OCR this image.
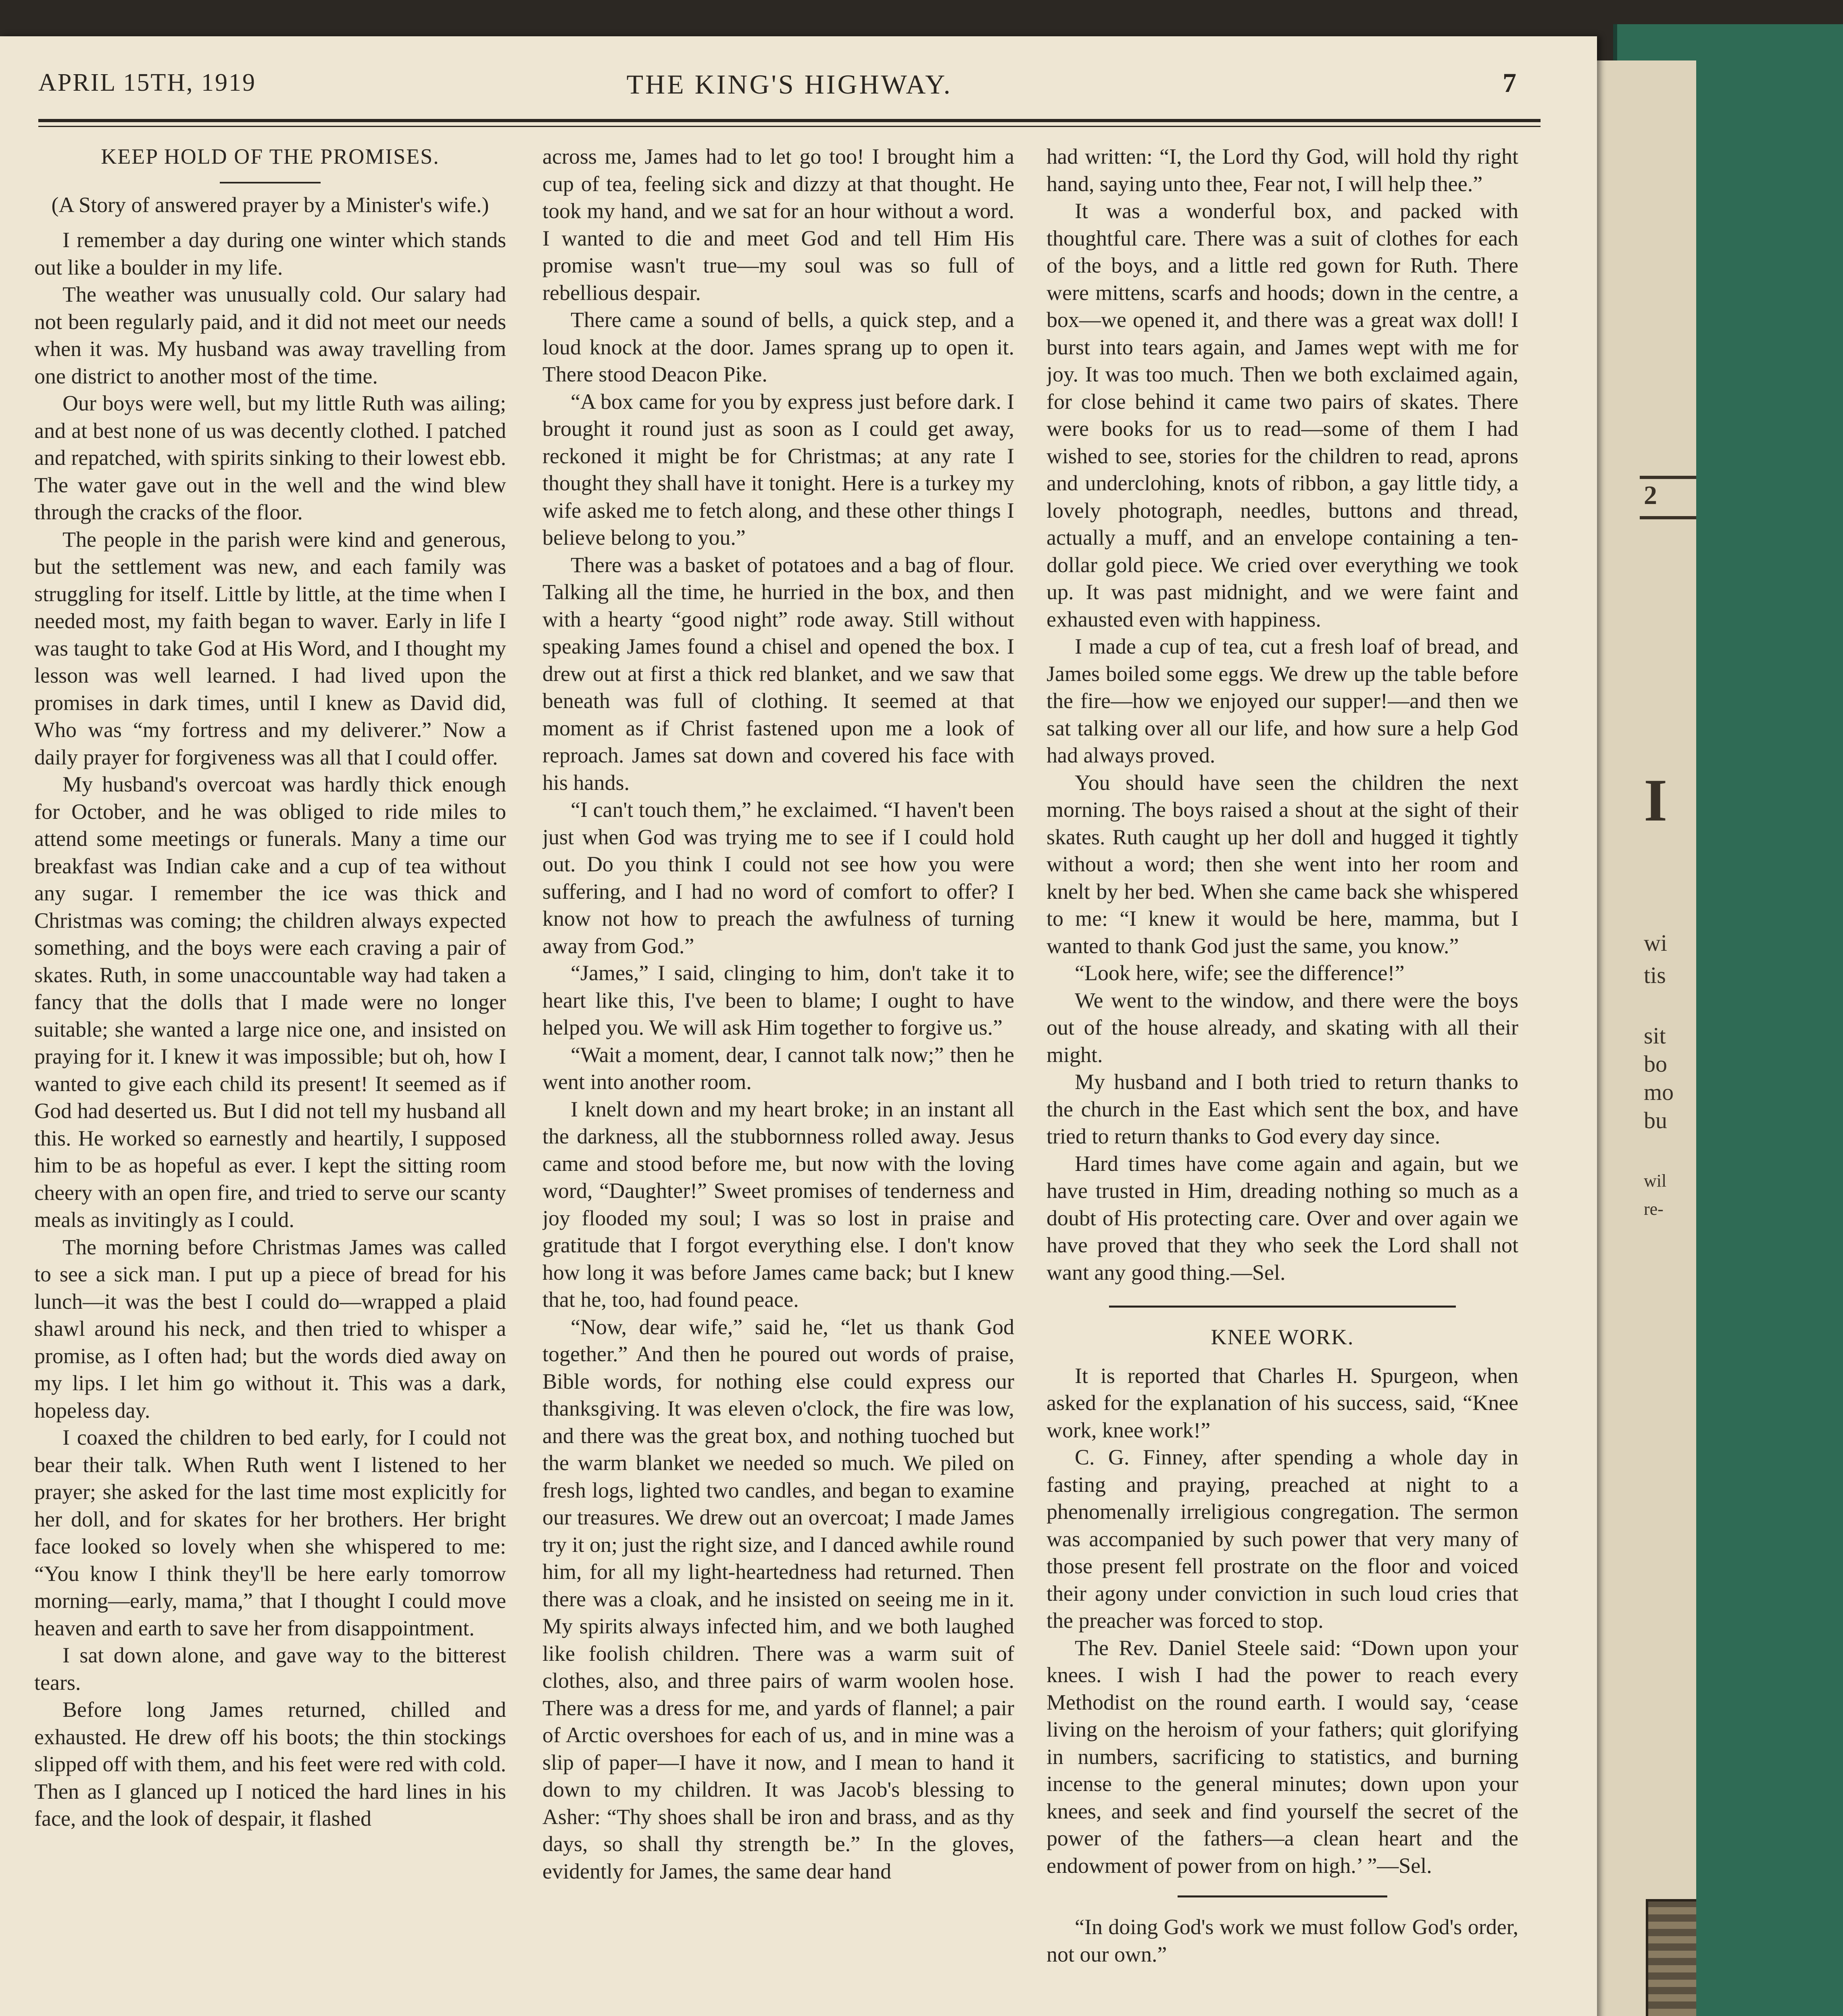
2
I
wi
tis
sit
bo
mo
bu
wil
re-
APRIL 15TH, 1919	THE KING'S HIGHWAY.	7
KEEP HOLD OF THE PROMISES.

(A Story of answered prayer by a Minister's wife.)

I remember a day during one winter which stands out like a boulder in my life.

The weather was unusually cold. Our salary had not been regularly paid, and it did not meet our needs when it was. My husband was away travelling from one district to another most of the time.

Our boys were well, but my little Ruth was ailing; and at best none of us was decently clothed. I patched and repatched, with spirits sinking to their lowest ebb. The water gave out in the well and the wind blew through the cracks of the floor.

The people in the parish were kind and generous, but the settlement was new, and each family was struggling for itself. Little by little, at the time when I needed most, my faith began to waver. Early in life I was taught to take God at His Word, and I thought my lesson was well learned. I had lived upon the promises in dark times, until I knew as David did, Who was “my fortress and my deliverer.” Now a daily prayer for forgiveness was all that I could offer.

My husband's overcoat was hardly thick enough for October, and he was obliged to ride miles to attend some meetings or funerals. Many a time our breakfast was Indian cake and a cup of tea without any sugar. I remember the ice was thick and Christmas was coming; the children always expected something, and the boys were each craving a pair of skates. Ruth, in some unaccountable way had taken a fancy that the dolls that I made were no longer suitable; she wanted a large nice one, and insisted on praying for it. I knew it was impossible; but oh, how I wanted to give each child its present! It seemed as if God had deserted us. But I did not tell my husband all this. He worked so earnestly and heartily, I supposed him to be as hopeful as ever. I kept the sitting room cheery with an open fire, and tried to serve our scanty meals as invitingly as I could.

The morning before Christmas James was called to see a sick man. I put up a piece of bread for his lunch—it was the best I could do—wrapped a plaid shawl around his neck, and then tried to whisper a promise, as I often had; but the words died away on my lips. I let him go without it. This was a dark, hopeless day.

I coaxed the children to bed early, for I could not bear their talk. When Ruth went I listened to her prayer; she asked for the last time most explicitly for her doll, and for skates for her brothers. Her bright face looked so lovely when she whispered to me: “You know I think they'll be here early tomorrow morning—early, mama,” that I thought I could move heaven and earth to save her from disappointment.

I sat down alone, and gave way to the bitterest tears.

Before long James returned, chilled and exhausted. He drew off his boots; the thin stockings slipped off with them, and his feet were red with cold. Then as I glanced up I noticed the hard lines in his face, and the look of despair, it flashed

across me, James had to let go too! I brought him a cup of tea, feeling sick and dizzy at that thought. He took my hand, and we sat for an hour without a word. I wanted to die and meet God and tell Him His promise wasn't true—my soul was so full of rebellious despair.

There came a sound of bells, a quick step, and a loud knock at the door. James sprang up to open it. There stood Deacon Pike.

“A box came for you by express just before dark. I brought it round just as soon as I could get away, reckoned it might be for Christmas; at any rate I thought they shall have it tonight. Here is a turkey my wife asked me to fetch along, and these other things I believe belong to you.”

There was a basket of potatoes and a bag of flour. Talking all the time, he hurried in the box, and then with a hearty “good night” rode away. Still without speaking James found a chisel and opened the box. I drew out at first a thick red blanket, and we saw that beneath was full of clothing. It seemed at that moment as if Christ fastened upon me a look of reproach. James sat down and covered his face with his hands.

“I can't touch them,” he exclaimed. “I haven't been just when God was trying me to see if I could hold out. Do you think I could not see how you were suffering, and I had no word of comfort to offer? I know not how to preach the awfulness of turning away from God.”

“James,” I said, clinging to him, don't take it to heart like this, I've been to blame; I ought to have helped you. We will ask Him together to forgive us.”

“Wait a moment, dear, I cannot talk now;” then he went into another room.

I knelt down and my heart broke; in an instant all the darkness, all the stubbornness rolled away. Jesus came and stood before me, but now with the loving word, “Daughter!” Sweet promises of tenderness and joy flooded my soul; I was so lost in praise and gratitude that I forgot everything else. I don't know how long it was before James came back; but I knew that he, too, had found peace.

“Now, dear wife,” said he, “let us thank God together.” And then he poured out words of praise, Bible words, for nothing else could express our thanksgiving. It was eleven o'clock, the fire was low, and there was the great box, and nothing tuoched but the warm blanket we needed so much. We piled on fresh logs, lighted two candles, and began to examine our treasures. We drew out an overcoat; I made James try it on; just the right size, and I danced awhile round him, for all my light-heartedness had returned. Then there was a cloak, and he insisted on seeing me in it. My spirits always infected him, and we both laughed like foolish children. There was a warm suit of clothes, also, and three pairs of warm woolen hose. There was a dress for me, and yards of flannel; a pair of Arctic overshoes for each of us, and in mine was a slip of paper—I have it now, and I mean to hand it down to my children. It was Jacob's blessing to Asher: “Thy shoes shall be iron and brass, and as thy days, so shall thy strength be.” In the gloves, evidently for James, the same dear hand

had written: “I, the Lord thy God, will hold thy right hand, saying unto thee, Fear not, I will help thee.”

It was a wonderful box, and packed with thoughtful care. There was a suit of clothes for each of the boys, and a little red gown for Ruth. There were mittens, scarfs and hoods; down in the centre, a box—we opened it, and there was a great wax doll! I burst into tears again, and James wept with me for joy. It was too much. Then we both exclaimed again, for close behind it came two pairs of skates. There were books for us to read—some of them I had wished to see, stories for the children to read, aprons and underclohing, knots of ribbon, a gay little tidy, a lovely photograph, needles, buttons and thread, actually a muff, and an envelope containing a ten-dollar gold piece. We cried over everything we took up. It was past midnight, and we were faint and exhausted even with happiness.

I made a cup of tea, cut a fresh loaf of bread, and James boiled some eggs. We drew up the table before the fire—how we enjoyed our supper!—and then we sat talking over all our life, and how sure a help God had always proved.

You should have seen the children the next morning. The boys raised a shout at the sight of their skates. Ruth caught up her doll and hugged it tightly without a word; then she went into her room and knelt by her bed. When she came back she whispered to me: “I knew it would be here, mamma, but I wanted to thank God just the same, you know.”

“Look here, wife; see the difference!”

We went to the window, and there were the boys out of the house already, and skating with all their might.

My husband and I both tried to return thanks to the church in the East which sent the box, and have tried to return thanks to God every day since.

Hard times have come again and again, but we have trusted in Him, dreading nothing so much as a doubt of His protecting care. Over and over again we have proved that they who seek the Lord shall not want any good thing.—Sel.

KNEE WORK.

It is reported that Charles H. Spurgeon, when asked for the explanation of his success, said, “Knee work, knee work!”

C. G. Finney, after spending a whole day in fasting and praying, preached at night to a phenomenally irreligious congregation. The sermon was accompanied by such power that very many of those present fell prostrate on the floor and voiced their agony under conviction in such loud cries that the preacher was forced to stop.

The Rev. Daniel Steele said: “Down upon your knees. I wish I had the power to reach every Methodist on the round earth. I would say, ‘cease living on the heroism of your fathers; quit glorifying in numbers, sacrificing to statistics, and burning incense to the general minutes; down upon your knees, and seek and find yourself the secret of the power of the fathers—a clean heart and the endowment of power from on high.’ ”—Sel.

“In doing God's work we must follow God's order, not our own.”
